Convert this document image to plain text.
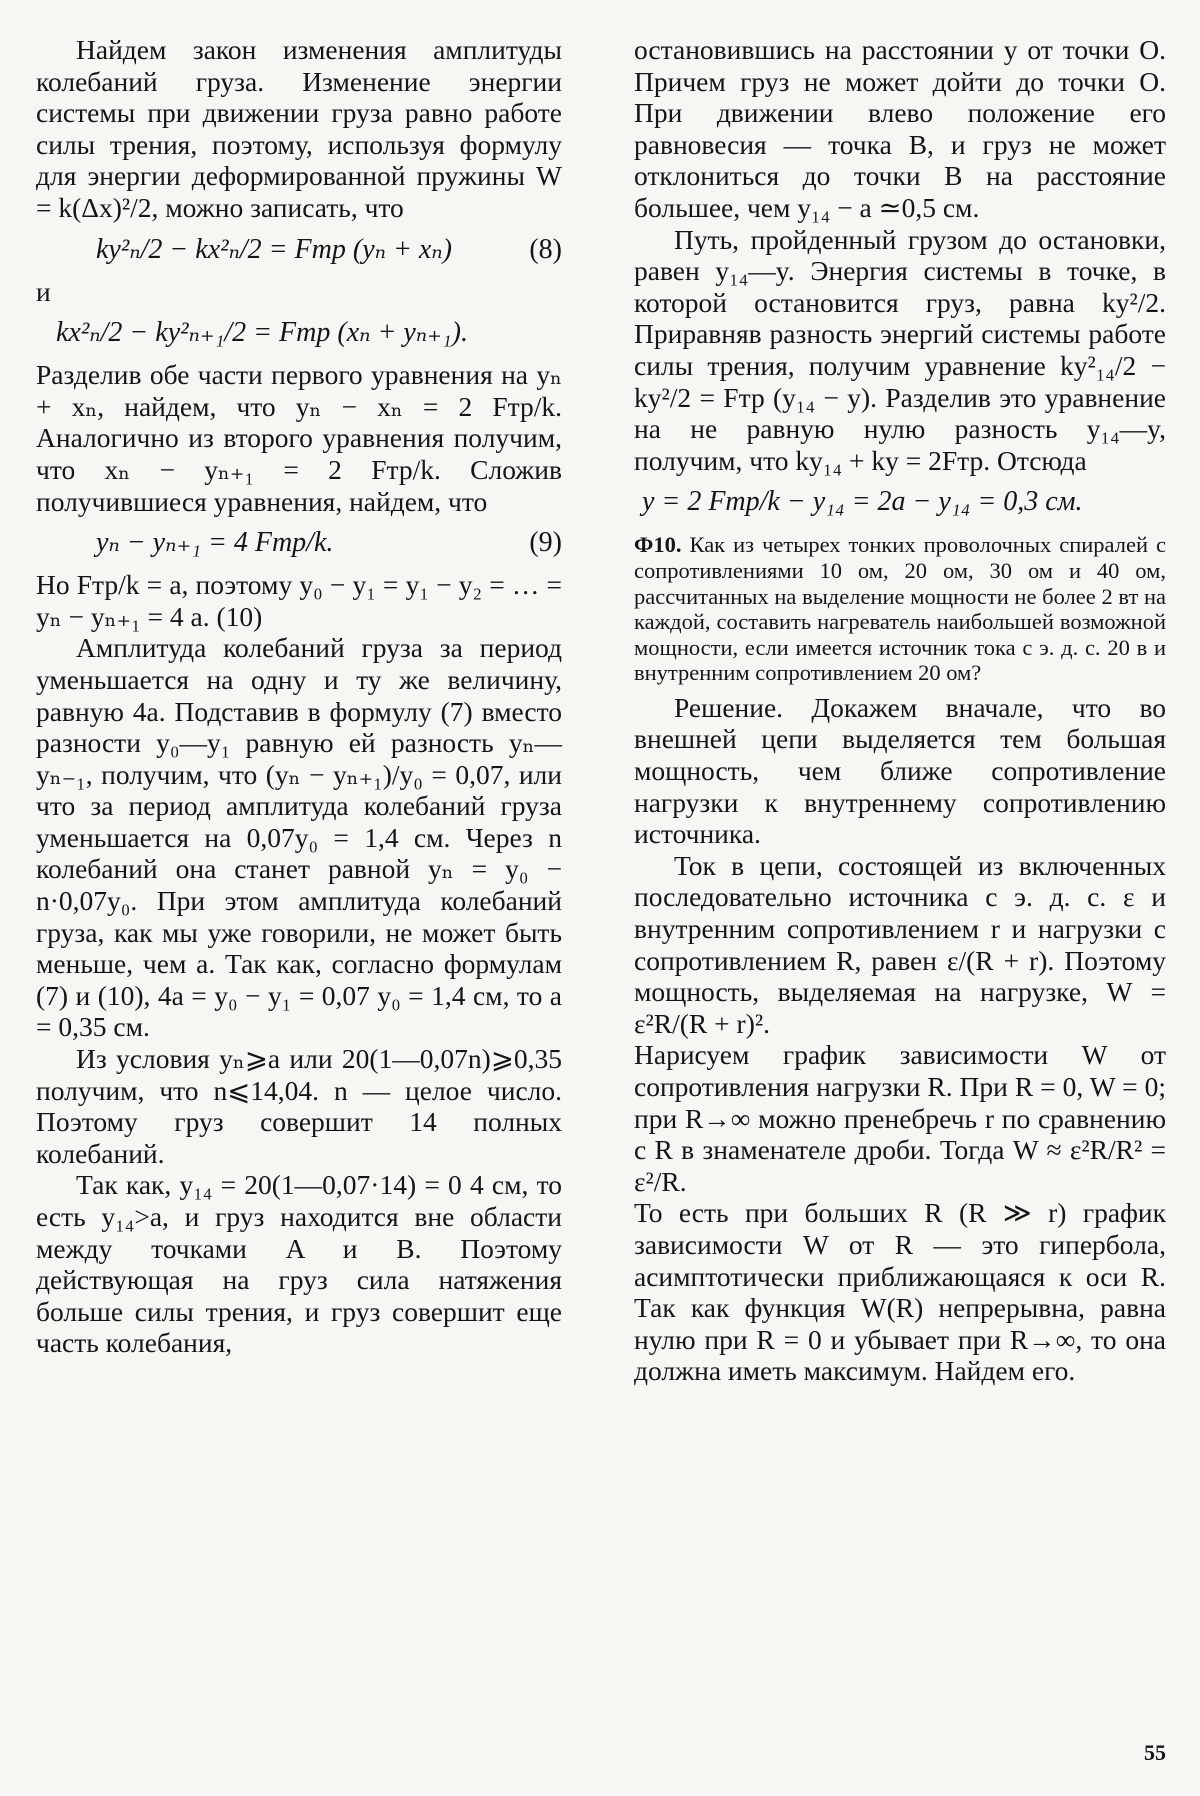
Найдем закон изменения амплитуды колебаний груза. Изменение энергии системы при движении груза равно работе силы трения, поэтому, используя формулу для энергии деформированной пружины W = k(Δx)²/2, можно записать, что

ky²ₙ/2 − kx²ₙ/2 = Fтр (yₙ + xₙ)	(8)

и

kx²ₙ/2 − ky²ₙ₊₁/2 = Fтр (xₙ + yₙ₊₁).

Разделив обе части первого уравнения на yₙ + xₙ, найдем, что yₙ − xₙ = 2 Fтр/k. Аналогично из второго уравнения получим, что xₙ − yₙ₊₁ = 2 Fтр/k. Сложив получившиеся уравнения, найдем, что

yₙ − yₙ₊₁ = 4 Fтр/k.	(9)

Но Fтр/k = a, поэтому y₀ − y₁ = y₁ − y₂ = … = yₙ − yₙ₊₁ = 4 a. (10)

Амплитуда колебаний груза за период уменьшается на одну и ту же величину, равную 4a. Подставив в формулу (7) вместо разности y₀—y₁ равную ей разность yₙ—yₙ₋₁, получим, что (yₙ − yₙ₊₁)/y₀ = 0,07, или что за период амплитуда колебаний груза уменьшается на 0,07y₀ = 1,4 см. Через n колебаний она станет равной yₙ = y₀ − n·0,07y₀. При этом амплитуда колебаний груза, как мы уже говорили, не может быть меньше, чем a. Так как, согласно формулам (7) и (10), 4a = y₀ − y₁ = 0,07 y₀ = 1,4 см, то a = 0,35 см.

Из условия yₙ⩾a или 20(1—0,07n)⩾0,35 получим, что n⩽14,04. n — целое число. Поэтому груз совершит 14 полных колебаний.

Так как, y₁₄ = 20(1—0,07·14) = 0 4 см, то есть y₁₄>a, и груз находится вне области между точками A и B. Поэтому действующая на груз сила натяжения больше силы трения, и груз совершит еще часть колебания,

остановившись на расстоянии y от точки O. Причем груз не может дойти до точки O. При движении влево положение его равновесия — точка B, и груз не может отклониться до точки B на расстояние большее, чем y₁₄ − a ≃0,5 см.

Путь, пройденный грузом до остановки, равен y₁₄—y. Энергия системы в точке, в которой остановится груз, равна ky²/2. Приравняв разность энергий системы работе силы трения, получим уравнение ky²₁₄/2 − ky²/2 = Fтр (y₁₄ − y). Разделив это уравнение на не равную нулю разность y₁₄—y, получим, что ky₁₄ + ky = 2Fтр. Отсюда

y = 2 Fтр/k − y₁₄ = 2a − y₁₄ = 0,3 см.
Ф10. Как из четырех тонких проволочных спиралей с сопротивлениями 10 ом, 20 ом, 30 ом и 40 ом, рассчитанных на выделение мощности не более 2 вт на каждой, составить нагреватель наибольшей возможной мощности, если имеется источник тока с э. д. с. 20 в и внутренним сопротивлением 20 ом?

Решение. Докажем вначале, что во внешней цепи выделяется тем большая мощность, чем ближе сопротивление нагрузки к внутреннему сопротивлению источника.

Ток в цепи, состоящей из включенных последовательно источника с э. д. с. ε и внутренним сопротивлением r и нагрузки с сопротивлением R, равен ε/(R + r). Поэтому мощность, выделяемая на нагрузке, W = ε²R/(R + r)².

Нарисуем график зависимости W от сопротивления нагрузки R. При R = 0, W = 0; при R→∞ можно пренебречь r по сравнению с R в знаменателе дроби. Тогда W ≈ ε²R/R² = ε²/R.

То есть при больших R (R ≫ r) график зависимости W от R — это гипербола, асимптотически приближающаяся к оси R. Так как функция W(R) непрерывна, равна нулю при R = 0 и убывает при R→∞, то она должна иметь максимум. Найдем его.

55
